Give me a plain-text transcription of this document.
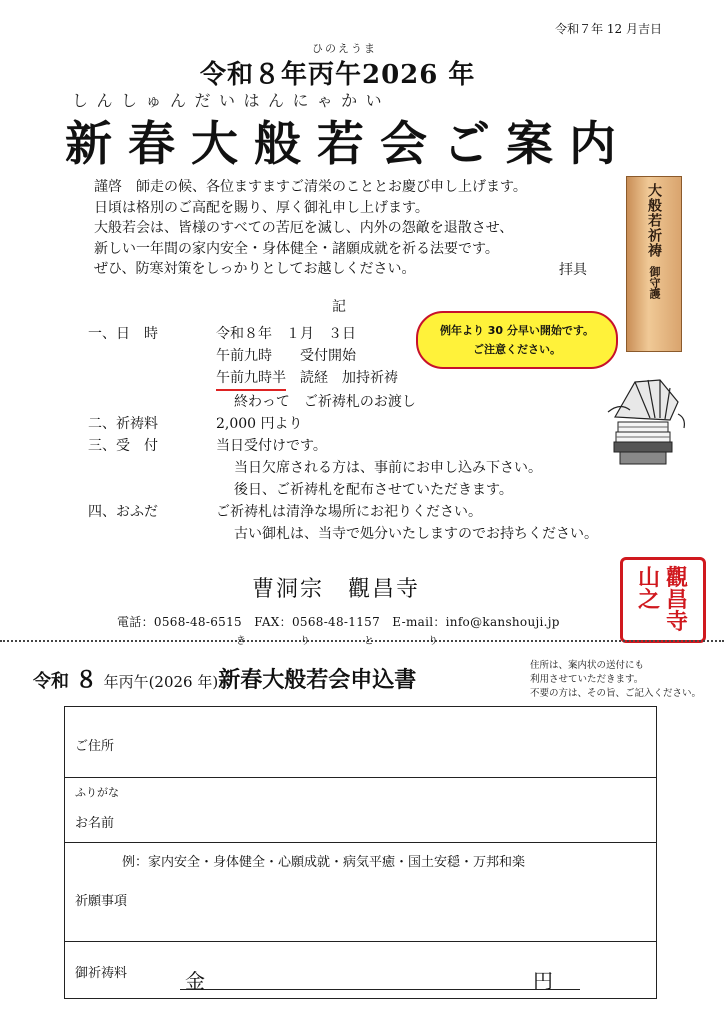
令和７年 12 月吉日
ひのえうま
令和８年丙午2026 年
しんしゅんだいはんにゃかい
新春大般若会ご案内
謹啓　師走の候、各位ますますご清栄のこととお慶び申し上げます。
日頃は格別のご高配を賜り、厚く御礼申し上げます。
大般若会は、皆様のすべての苦厄を滅し、内外の怨敵を退散させ、
新しい一年間の家内安全・身体健全・諸願成就を祈る法要です。
ぜひ、防寒対策をしっかりとしてお越しください。	拝具
記
一、日　時	令和８年　１月　３日
午前九時　　受付開始
午前九時半	読経　加持祈祷
終わって　ご祈祷札のお渡し
二、祈祷料	2,000 円より
三、受　付	当日受付けです。
当日欠席される方は、事前にお申し込み下さい。
後日、ご祈祷札を配布させていただきます。
四、おふだ	ご祈祷札は清浄な場所にお祀りください。
古い御札は、当寺で処分いたしますのでお持ちください。
例年より 30 分早い開始です。
ご注意ください。
大般若祈祷
御守護
曹洞宗　觀昌寺
電話：0568-48-6515　FAX：0568-48-1157　E-mail：info@kanshouji.jp
山
之
觀
昌
寺
き	り	と	り
令和 ８ 年丙午(2026 年)新春大般若会申込書
住所は、案内状の送付にも
利用させていただきます。
不要の方は、その旨、ご記入ください。
ご住所
ふりがな
お名前
例：家内安全・身体健全・心願成就・病気平癒・国土安穏・万邦和楽
祈願事項
御祈祷料	金	円
